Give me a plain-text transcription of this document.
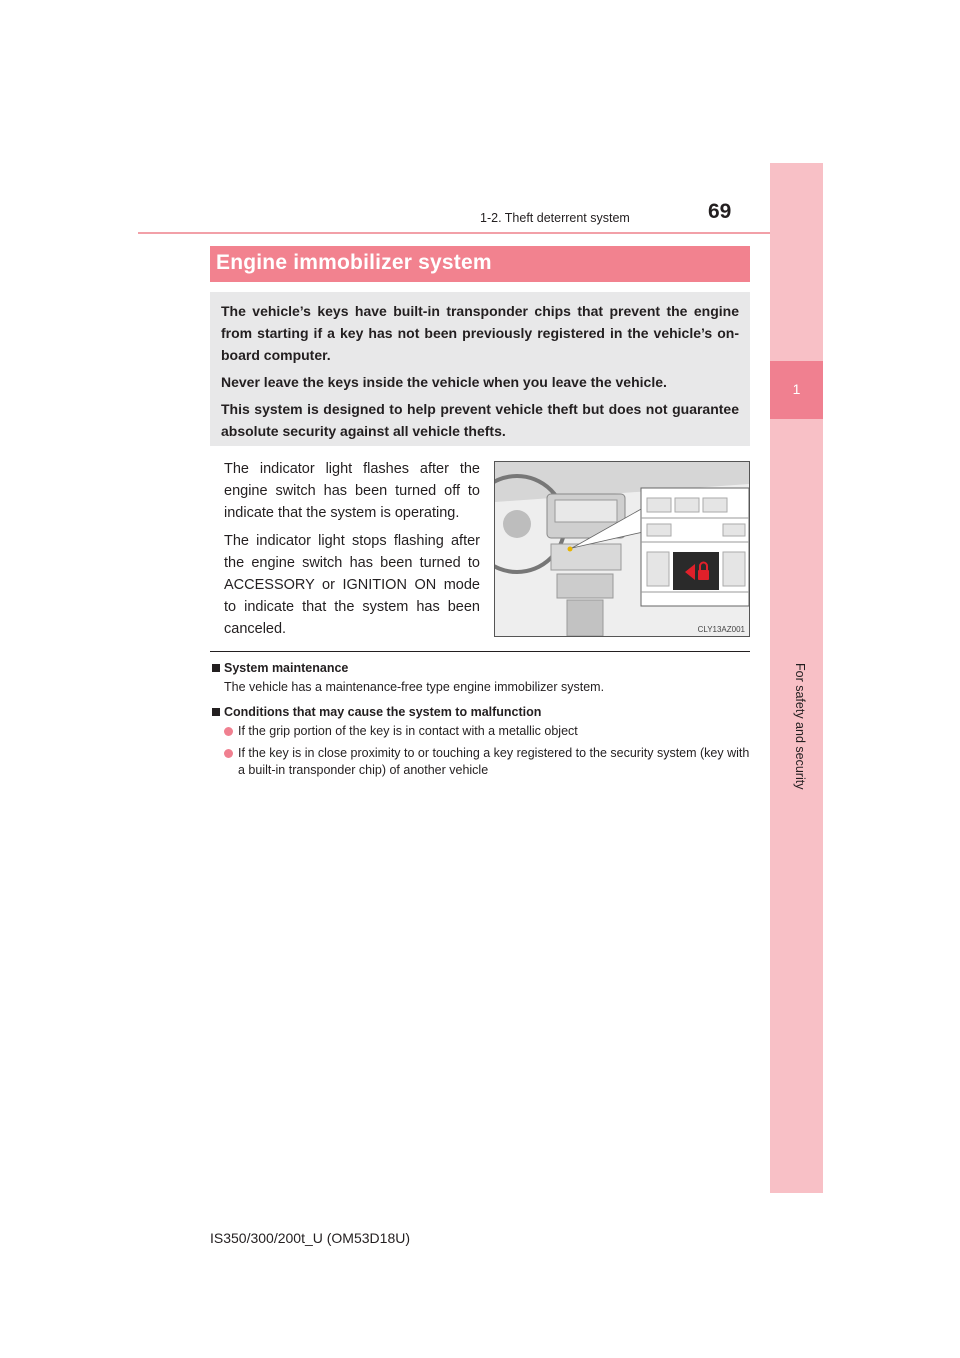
69
1-2. Theft deterrent system
1
For safety and security
Engine immobilizer system

The vehicle’s keys have built-in transponder chips that prevent the engine from starting if a key has not been previously registered in the vehicle’s on-board computer.

Never leave the keys inside the vehicle when you leave the vehicle.

This system is designed to help prevent vehicle theft but does not guarantee absolute security against all vehicle thefts.

The indicator light flashes after the engine switch has been turned off to indicate that the system is operating.

The indicator light stops flashing after the engine switch has been turned to ACCESSORY or IGNITION ON mode to indicate that the system has been canceled.	CLY13AZ001

System maintenance

The vehicle has a maintenance-free type engine immobilizer system.

Conditions that may cause the system to malfunction

If the grip portion of the key is in contact with a metallic object
If the key is in close proximity to or touching a key registered to the security system (key with a built-in transponder chip) of another vehicle
IS350/300/200t_U (OM53D18U)
